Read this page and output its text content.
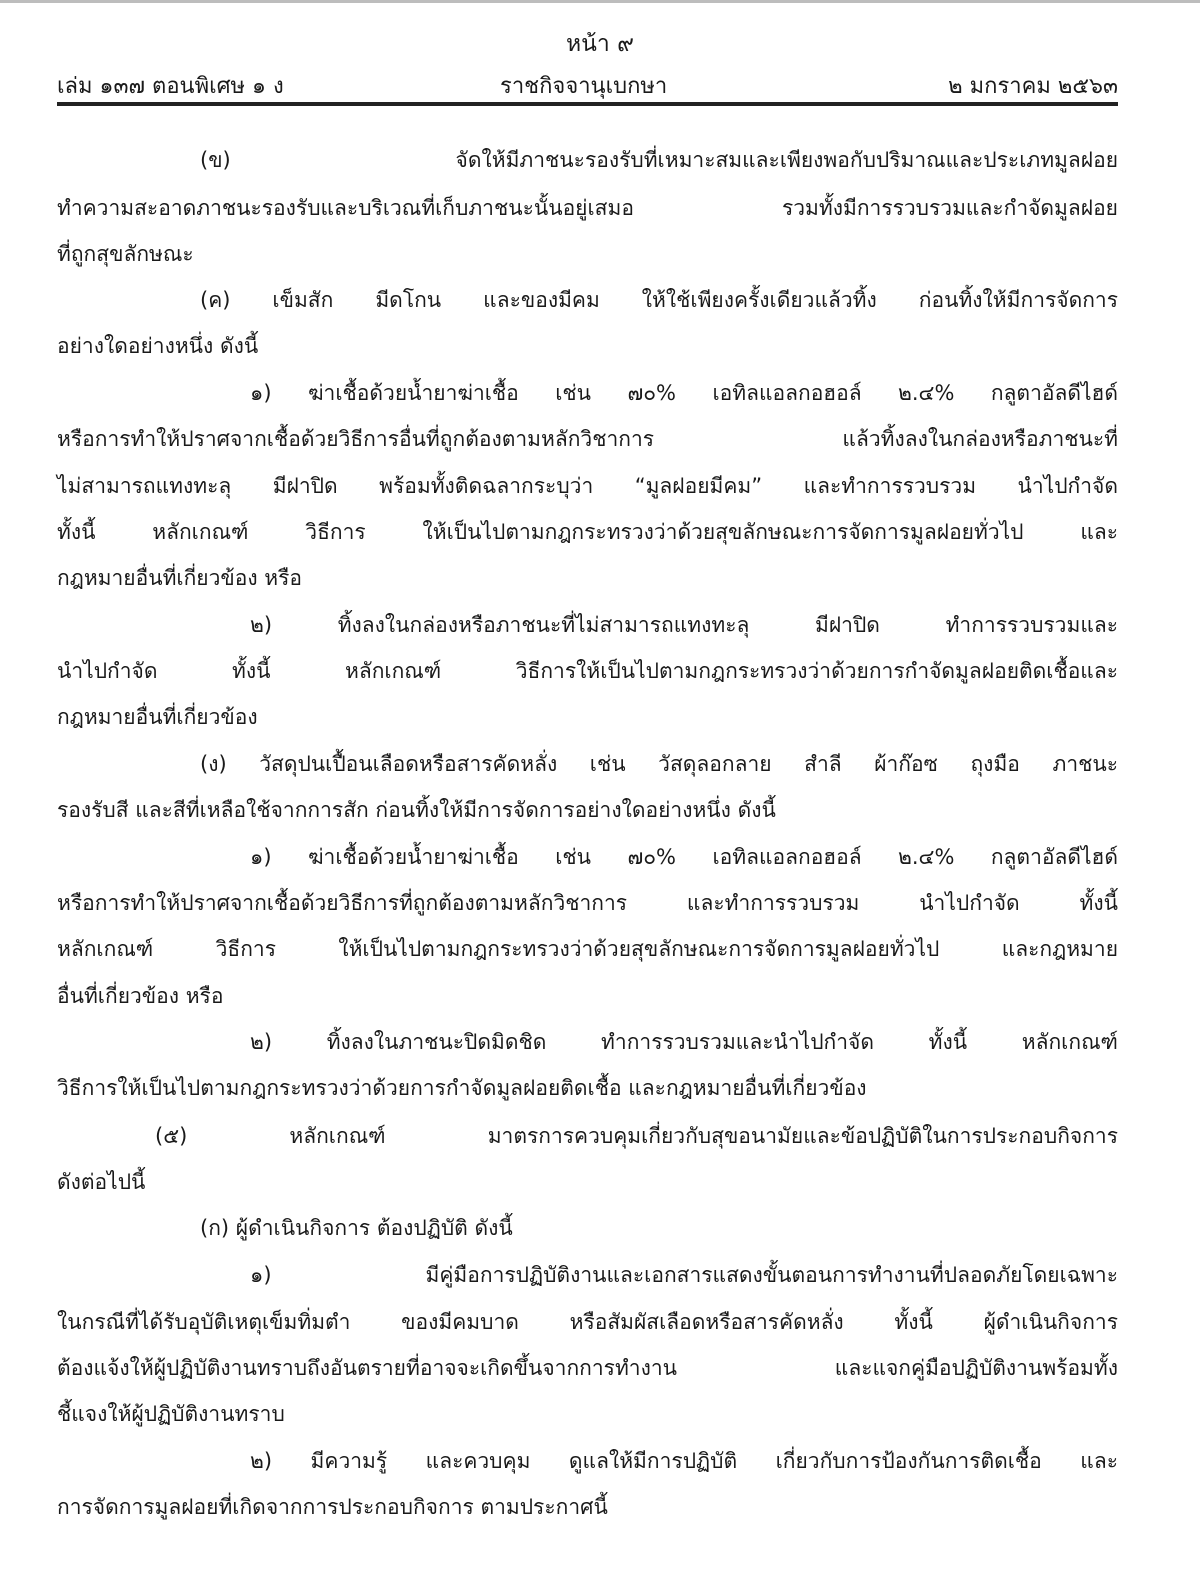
หน้า ๙
เล่ม ๑๓๗ ตอนพิเศษ ๑ ง	ราชกิจจานุเบกษา	๒ มกราคม ๒๕๖๓
(ข) จัดให้มีภาชนะรองรับที่เหมาะสมและเพียงพอกับปริมาณและประเภทมูลฝอย
ทำความสะอาดภาชนะรองรับและบริเวณที่เก็บภาชนะนั้นอยู่เสมอ รวมทั้งมีการรวบรวมและกำจัดมูลฝอย
ที่ถูกสุขลักษณะ
(ค) เข็มสัก มีดโกน และของมีคม ให้ใช้เพียงครั้งเดียวแล้วทิ้ง ก่อนทิ้งให้มีการจัดการ
อย่างใดอย่างหนึ่ง ดังนี้
๑) ฆ่าเชื้อด้วยน้ำยาฆ่าเชื้อ เช่น ๗๐% เอทิลแอลกอฮอล์ ๒.๔% กลูตาอัลดีไฮด์
หรือการทำให้ปราศจากเชื้อด้วยวิธีการอื่นที่ถูกต้องตามหลักวิชาการ แล้วทิ้งลงในกล่องหรือภาชนะที่
ไม่สามารถแทงทะลุ มีฝาปิด พร้อมทั้งติดฉลากระบุว่า “มูลฝอยมีคม” และทำการรวบรวม นำไปกำจัด
ทั้งนี้ หลักเกณฑ์ วิธีการ ให้เป็นไปตามกฎกระทรวงว่าด้วยสุขลักษณะการจัดการมูลฝอยทั่วไป และ
กฎหมายอื่นที่เกี่ยวข้อง หรือ
๒) ทิ้งลงในกล่องหรือภาชนะที่ไม่สามารถแทงทะลุ มีฝาปิด ทำการรวบรวมและ
นำไปกำจัด ทั้งนี้ หลักเกณฑ์ วิธีการให้เป็นไปตามกฎกระทรวงว่าด้วยการกำจัดมูลฝอยติดเชื้อและ
กฎหมายอื่นที่เกี่ยวข้อง
(ง) วัสดุปนเปื้อนเลือดหรือสารคัดหลั่ง เช่น วัสดุลอกลาย สำลี ผ้าก๊อซ ถุงมือ ภาชนะ
รองรับสี และสีที่เหลือใช้จากการสัก ก่อนทิ้งให้มีการจัดการอย่างใดอย่างหนึ่ง ดังนี้
๑) ฆ่าเชื้อด้วยน้ำยาฆ่าเชื้อ เช่น ๗๐% เอทิลแอลกอฮอล์ ๒.๔% กลูตาอัลดีไฮด์
หรือการทำให้ปราศจากเชื้อด้วยวิธีการที่ถูกต้องตามหลักวิชาการ และทำการรวบรวม นำไปกำจัด ทั้งนี้
หลักเกณฑ์ วิธีการ ให้เป็นไปตามกฎกระทรวงว่าด้วยสุขลักษณะการจัดการมูลฝอยทั่วไป และกฎหมาย
อื่นที่เกี่ยวข้อง หรือ
๒) ทิ้งลงในภาชนะปิดมิดชิด ทำการรวบรวมและนำไปกำจัด ทั้งนี้ หลักเกณฑ์
วิธีการให้เป็นไปตามกฎกระทรวงว่าด้วยการกำจัดมูลฝอยติดเชื้อ และกฎหมายอื่นที่เกี่ยวข้อง
(๕) หลักเกณฑ์ มาตรการควบคุมเกี่ยวกับสุขอนามัยและข้อปฏิบัติในการประกอบกิจการ
ดังต่อไปนี้
(ก) ผู้ดำเนินกิจการ ต้องปฏิบัติ ดังนี้
๑) มีคู่มือการปฏิบัติงานและเอกสารแสดงขั้นตอนการทำงานที่ปลอดภัยโดยเฉพาะ
ในกรณีที่ได้รับอุบัติเหตุเข็มทิ่มตำ ของมีคมบาด หรือสัมผัสเลือดหรือสารคัดหลั่ง ทั้งนี้ ผู้ดำเนินกิจการ
ต้องแจ้งให้ผู้ปฏิบัติงานทราบถึงอันตรายที่อาจจะเกิดขึ้นจากการทำงาน และแจกคู่มือปฏิบัติงานพร้อมทั้ง
ชี้แจงให้ผู้ปฏิบัติงานทราบ
๒) มีความรู้ และควบคุม ดูแลให้มีการปฏิบัติ เกี่ยวกับการป้องกันการติดเชื้อ และ
การจัดการมูลฝอยที่เกิดจากการประกอบกิจการ ตามประกาศนี้
